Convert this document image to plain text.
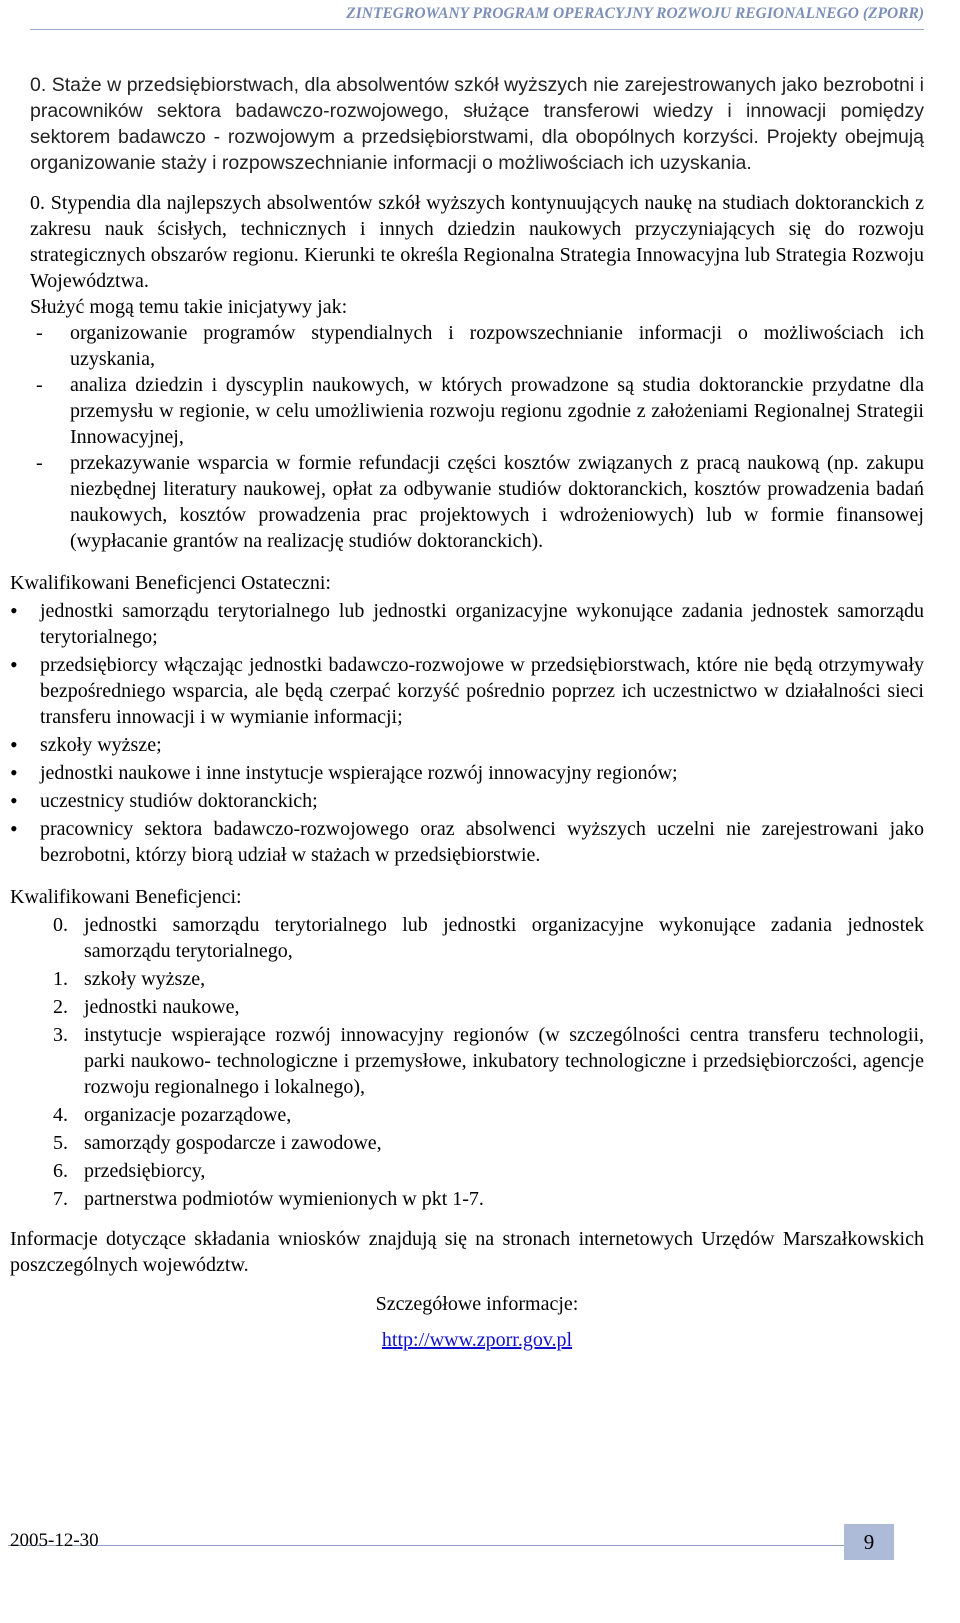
ZINTEGROWANY PROGRAM OPERACYJNY ROZWOJU REGIONALNEGO (ZPORR)

0. Staże w przedsiębiorstwach, dla absolwentów szkół wyższych nie zarejestrowanych jako bezrobotni i pracowników sektora badawczo-rozwojowego, służące transferowi wiedzy i innowacji pomiędzy sektorem badawczo - rozwojowym a przedsiębiorstwami, dla obopólnych korzyści. Projekty obejmują organizowanie staży i rozpowszechnianie informacji o możliwościach ich uzyskania.

0. Stypendia dla najlepszych absolwentów szkół wyższych kontynuujących naukę na studiach doktoranckich z zakresu nauk ścisłych, technicznych i innych dziedzin naukowych przyczyniających się do rozwoju strategicznych obszarów regionu. Kierunki te określa Regionalna Strategia Innowacyjna lub Strategia Rozwoju Województwa.

Służyć mogą temu takie inicjatywy jak:

- organizowanie programów stypendialnych i rozpowszechnianie informacji o możliwościach ich uzyskania,
- analiza dziedzin i dyscyplin naukowych, w których prowadzone są studia doktoranckie przydatne dla przemysłu w regionie, w celu umożliwienia rozwoju regionu zgodnie z założeniami Regionalnej Strategii Innowacyjnej,
- przekazywanie wsparcia w formie refundacji części kosztów związanych z pracą naukową (np. zakupu niezbędnej literatury naukowej, opłat za odbywanie studiów doktoranckich, kosztów prowadzenia badań naukowych, kosztów prowadzenia prac projektowych i wdrożeniowych) lub w formie finansowej (wypłacanie grantów na realizację studiów doktoranckich).

Kwalifikowani Beneficjenci Ostateczni:

• jednostki samorządu terytorialnego lub jednostki organizacyjne wykonujące zadania jednostek samorządu terytorialnego;
• przedsiębiorcy włączając jednostki badawczo-rozwojowe w przedsiębiorstwach, które nie będą otrzymywały bezpośredniego wsparcia, ale będą czerpać korzyść pośrednio poprzez ich uczestnictwo w działalności sieci transferu innowacji i w wymianie informacji;
• szkoły wyższe;
• jednostki naukowe i inne instytucje wspierające rozwój innowacyjny regionów;
• uczestnicy studiów doktoranckich;
• pracownicy sektora badawczo-rozwojowego oraz absolwenci wyższych uczelni nie zarejestrowani jako bezrobotni, którzy biorą udział w stażach w przedsiębiorstwie.

Kwalifikowani Beneficjenci:

0. jednostki samorządu terytorialnego lub jednostki organizacyjne wykonujące zadania jednostek samorządu terytorialnego,
1. szkoły wyższe,
2. jednostki naukowe,
3. instytucje wspierające rozwój innowacyjny regionów (w szczególności centra transferu technologii, parki naukowo- technologiczne i przemysłowe, inkubatory technologiczne i przedsiębiorczości, agencje rozwoju regionalnego i lokalnego),
4. organizacje pozarządowe,
5. samorządy gospodarcze i zawodowe,
6. przedsiębiorcy,
7. partnerstwa podmiotów wymienionych w pkt 1-7.

Informacje dotyczące składania wniosków znajdują się na stronach internetowych Urzędów Marszałkowskich poszczególnych województw.

Szczegółowe informacje:

http://www.zporr.gov.pl

2005-12-30	9
